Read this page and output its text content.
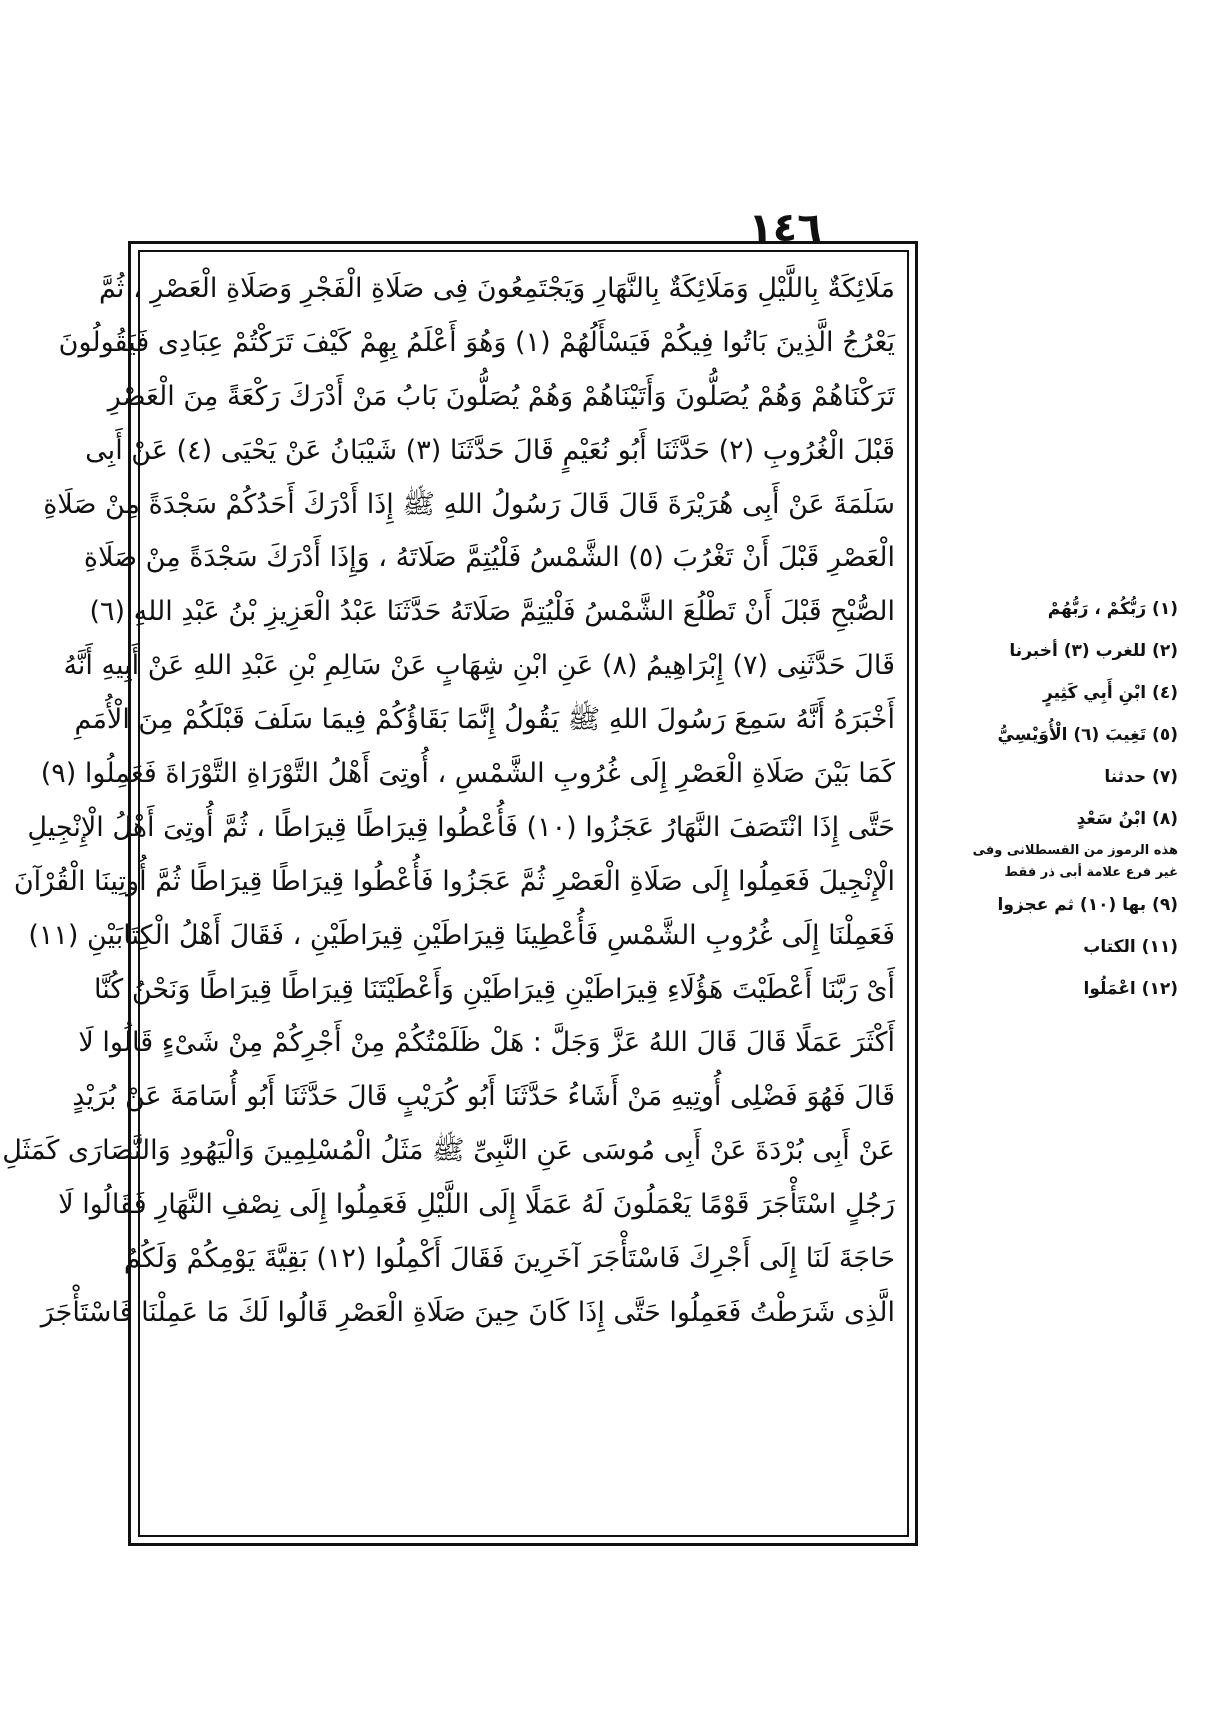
١٤٦
مَلَائِكَةٌ بِاللَّيْلِ وَمَلَائِكَةٌ بِالنَّهَارِ وَيَجْتَمِعُونَ فِى صَلَاةِ الْفَجْرِ وَصَلَاةِ الْعَصْرِ ، ثُمَّ
يَعْرُجُ الَّذِينَ بَاتُوا فِيكُمْ فَيَسْأَلُهُمْ (١) وَهُوَ أَعْلَمُ بِهِمْ كَيْفَ تَرَكْتُمْ عِبَادِى فَيَقُولُونَ
تَرَكْنَاهُمْ وَهُمْ يُصَلُّونَ وَأَتَيْنَاهُمْ وَهُمْ يُصَلُّونَ بَابُ مَنْ أَدْرَكَ رَكْعَةً مِنَ الْعَصْرِ
قَبْلَ الْغُرُوبِ (٢) حَدَّثَنَا أَبُو نُعَيْمٍ قَالَ حَدَّثَنَا (٣) شَيْبَانُ عَنْ يَحْيَى (٤) عَنْ أَبِى
سَلَمَةَ عَنْ أَبِى هُرَيْرَةَ قَالَ قَالَ رَسُولُ اللهِ ﷺ إِذَا أَدْرَكَ أَحَدُكُمْ سَجْدَةً مِنْ صَلَاةِ
الْعَصْرِ قَبْلَ أَنْ تَغْرُبَ (٥) الشَّمْسُ فَلْيُتِمَّ صَلَاتَهُ ، وَإِذَا أَدْرَكَ سَجْدَةً مِنْ صَلَاةِ
الصُّبْحِ قَبْلَ أَنْ تَطْلُعَ الشَّمْسُ فَلْيُتِمَّ صَلَاتَهُ حَدَّثَنَا عَبْدُ الْعَزِيزِ بْنُ عَبْدِ اللهِ (٦)
قَالَ حَدَّثَنِى (٧) إِبْرَاهِيمُ (٨) عَنِ ابْنِ شِهَابٍ عَنْ سَالِمِ بْنِ عَبْدِ اللهِ عَنْ أَبِيهِ أَنَّهُ
أَخْبَرَهُ أَنَّهُ سَمِعَ رَسُولَ اللهِ ﷺ يَقُولُ إِنَّمَا بَقَاؤُكُمْ فِيمَا سَلَفَ قَبْلَكُمْ مِنَ الْأُمَمِ
كَمَا بَيْنَ صَلَاةِ الْعَصْرِ إِلَى غُرُوبِ الشَّمْسِ ، أُوتِىَ أَهْلُ التَّوْرَاةِ التَّوْرَاةَ فَعَمِلُوا (٩)
حَتَّى إِذَا انْتَصَفَ النَّهَارُ عَجَزُوا (١٠) فَأُعْطُوا قِيرَاطًا قِيرَاطًا ، ثُمَّ أُوتِىَ أَهْلُ الْإِنْجِيلِ
الْإِنْجِيلَ فَعَمِلُوا إِلَى صَلَاةِ الْعَصْرِ ثُمَّ عَجَزُوا فَأُعْطُوا قِيرَاطًا قِيرَاطًا ثُمَّ أُوتِينَا الْقُرْآنَ
فَعَمِلْنَا إِلَى غُرُوبِ الشَّمْسِ فَأُعْطِينَا قِيرَاطَيْنِ قِيرَاطَيْنِ ، فَقَالَ أَهْلُ الْكِتَابَيْنِ (١١)
أَىْ رَبَّنَا أَعْطَيْتَ هَؤُلَاءِ قِيرَاطَيْنِ قِيرَاطَيْنِ وَأَعْطَيْتَنَا قِيرَاطًا قِيرَاطًا وَنَحْنُ كُنَّا
أَكْثَرَ عَمَلًا قَالَ قَالَ اللهُ عَزَّ وَجَلَّ : هَلْ ظَلَمْتُكُمْ مِنْ أَجْرِكُمْ مِنْ شَىْءٍ قَالُوا لَا
قَالَ فَهُوَ فَضْلِى أُوتِيهِ مَنْ أَشَاءُ حَدَّثَنَا أَبُو كُرَيْبٍ قَالَ حَدَّثَنَا أَبُو أُسَامَةَ عَنْ بُرَيْدٍ
عَنْ أَبِى بُرْدَةَ عَنْ أَبِى مُوسَى عَنِ النَّبِىِّ ﷺ مَثَلُ الْمُسْلِمِينَ وَالْيَهُودِ وَالنَّصَارَى كَمَثَلِ
رَجُلٍ اسْتَأْجَرَ قَوْمًا يَعْمَلُونَ لَهُ عَمَلًا إِلَى اللَّيْلِ فَعَمِلُوا إِلَى نِصْفِ النَّهَارِ فَقَالُوا لَا
حَاجَةَ لَنَا إِلَى أَجْرِكَ فَاسْتَأْجَرَ آخَرِينَ فَقَالَ أَكْمِلُوا (١٢) بَقِيَّةَ يَوْمِكُمْ وَلَكُمُ
الَّذِى شَرَطْتُ فَعَمِلُوا حَتَّى إِذَا كَانَ حِينَ صَلَاةِ الْعَصْرِ قَالُوا لَكَ مَا عَمِلْنَا فَاسْتَأْجَرَ
(١) رَبُّكُمْ ، رَبُّهُمْ
(٢) للغرب (٣) أخبرنا
(٤) ابْنِ أَبِي كَثِيرٍ
(٥) تَغِيبَ (٦) الْأُوَيْسِيُّ
(٧) حدثنا
(٨) ابْنُ سَعْدٍ
هذه الرموز من القسطلانى وفى
غير فرع علامة أبى ذر فقط
(٩) بها (١٠) ثم عجزوا
(١١) الكتاب
(١٢) اعْمَلُوا
